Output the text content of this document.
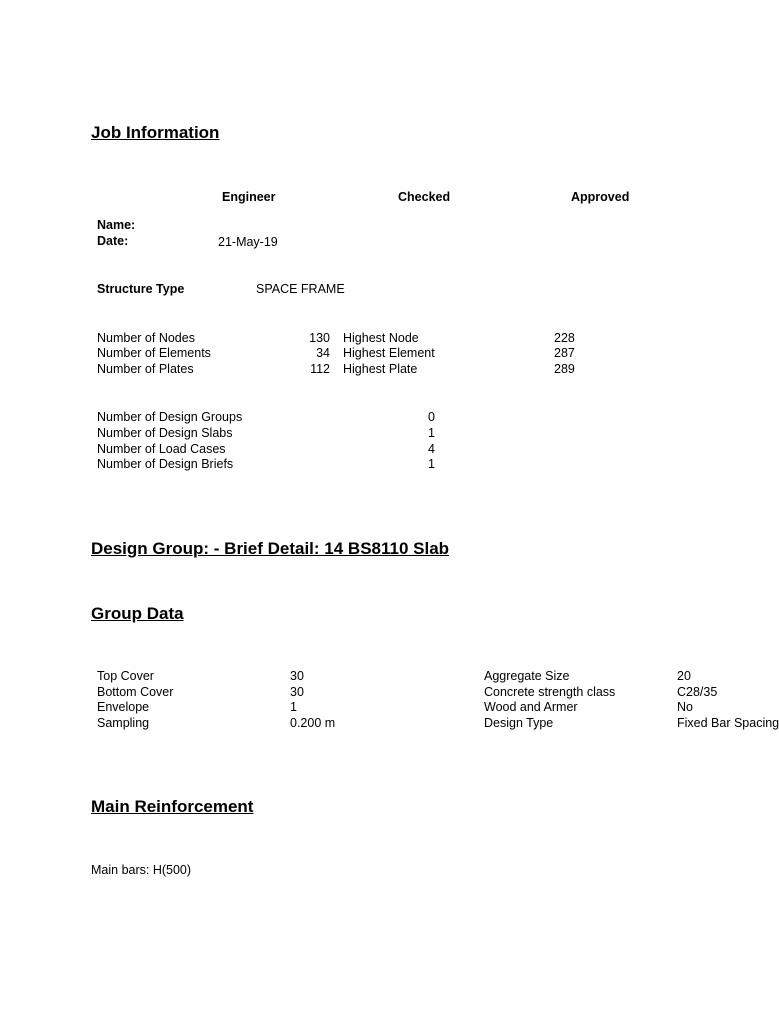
Job Information
Engineer	Checked	Approved
Name:
Date:	21-May-19
Structure Type	SPACE FRAME
Number of Nodes	130 Highest Node	228
Number of Elements	34 Highest Element	287
Number of Plates	112 Highest Plate	289
Number of Design Groups	0
Number of Design Slabs	1
Number of Load Cases	4
Number of Design Briefs	1
Design Group: - Brief Detail: 14 BS8110 Slab
Group Data
Top Cover	30	Aggregate Size	20
Bottom Cover	30	Concrete strength class	C28/35
Envelope	1	Wood and Armer	No
Sampling	0.200 m	Design Type	Fixed Bar Spacing
Main Reinforcement
Main bars: H(500)
